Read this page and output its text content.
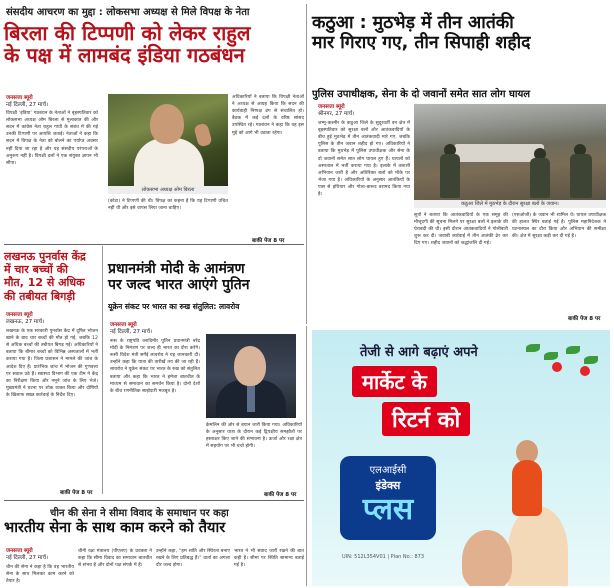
संसदीय आचरण का मुद्दा : लोकसभा अध्यक्ष से मिले विपक्ष के नेता
बिरला की टिप्पणी को लेकर राहुल
के पक्ष में लामबंद इंडिया गठबंधन
जनसत्ता ब्यूरो
नई दिल्ली, 27 मार्च।
विपक्षी ‘इंडिया’ गठबंधन के नेताओं ने बृहस्पतिवार को लोकसभा अध्यक्ष ओम बिरला से मुलाकात की और सदन में कांग्रेस नेता राहुल गांधी के संबंध में की गई उनकी टिप्पणी पर आपत्ति जताई। नेताओं ने कहा कि सदन में विपक्ष के नेता को बोलने का पर्याप्त अवसर नहीं दिया जा रहा है और यह संसदीय परंपराओं के अनुरूप नहीं है। विपक्षी दलों ने एक संयुक्त ज्ञापन भी सौंपा।
लोकसभा अध्यक्ष ओम बिरला
अधिकारियों ने बताया कि विपक्षी नेताओं ने अध्यक्ष से आग्रह किया कि सदन की कार्यवाही निष्पक्ष ढंग से संचालित हो। बैठक में कई दलों के वरिष्ठ सांसद उपस्थित रहे। गठबंधन ने कहा कि वह इस मुद्दे को आगे भी उठाता रहेगा।
(कोटा) ने टिप्पणी की थी। विपक्ष का कहना है कि यह टिप्पणी उचित नहीं थी और इसे वापस लिया जाना चाहिए।
बाकी पेज 8 पर
कठुआ : मुठभेड़ में तीन आतंकी
मार गिराए गए, तीन सिपाही शहीद
पुलिस उपाधीक्षक, सेना के दो जवानों समेत सात लोग घायल
जनसत्ता ब्यूरो
श्रीनगर, 27 मार्च।
जम्मू-कश्मीर के कठुआ जिले के सुदूरवर्ती वन क्षेत्र में बृहस्पतिवार को सुरक्षा बलों और आतंकवादियों के बीच हुई मुठभेड़ में तीन आतंकवादी मारे गए, जबकि पुलिस के तीन जवान शहीद हो गए। अधिकारियों ने बताया कि मुठभेड़ में पुलिस उपाधीक्षक और सेना के दो जवानों समेत सात लोग घायल हुए हैं। घायलों को अस्पताल में भर्ती कराया गया है। इलाके में तलाशी अभियान जारी है और अतिरिक्त बलों को मौके पर भेजा गया है। अधिकारियों के अनुसार आतंकियों के पास से हथियार और गोला-बारूद बरामद किया गया है।
कठुआ जिले में मुठभेड़ के दौरान सुरक्षा बलों के जवान।
सूत्रों ने बताया कि आतंकवादियों के एक समूह की मौजूदगी की सूचना मिलने पर सुरक्षा बलों ने इलाके की घेराबंदी की थी। इसी दौरान आतंकवादियों ने गोलीबारी शुरू कर दी। जवाबी कार्रवाई में तीन आतंकी ढेर कर दिए गए। शहीद जवानों को श्रद्धांजलि दी गई।
(एसओजी) के जवान भी शामिल थे। घायल उपाधीक्षक की हालत स्थिर बताई गई है। पुलिस महानिदेशक ने घटनास्थल का दौरा किया और अभियान की समीक्षा की। क्षेत्र में सुरक्षा कड़ी कर दी गई है।
बाकी पेज 8 पर
लखनऊ पुनर्वास केंद्र
में चार बच्चों की
मौत, 12 से अधिक
की तबीयत बिगड़ी
जनसत्ता ब्यूरो
लखनऊ, 27 मार्च।
लखनऊ के एक सरकारी पुनर्वास केंद्र में दूषित भोजन खाने के बाद चार बच्चों की मौत हो गई, जबकि 12 से अधिक बच्चों की तबीयत बिगड़ गई। अधिकारियों ने बताया कि बीमार बच्चों को विभिन्न अस्पतालों में भर्ती कराया गया है। जिला प्रशासन ने मामले की जांच के आदेश दिए हैं। प्रारंभिक जांच में भोजन की गुणवत्ता पर सवाल उठे हैं। स्वास्थ्य विभाग की एक टीम ने केंद्र का निरीक्षण किया और नमूने जांच के लिए भेजे। मुख्यमंत्री ने घटना पर शोक व्यक्त किया और दोषियों के खिलाफ सख्त कार्रवाई के निर्देश दिए।
बाकी पेज 8 पर
प्रधानमंत्री मोदी के आमंत्रण
पर जल्द भारत आएंगे पुतिन
यूक्रेन संकट पर भारत का रुख संतुलित: लावरोव
जनसत्ता ब्यूरो
नई दिल्ली, 27 मार्च।
रूस के राष्ट्रपति व्लादिमीर पुतिन प्रधानमंत्री नरेंद्र मोदी के निमंत्रण पर जल्द ही भारत का दौरा करेंगे। रूसी विदेश मंत्री सर्गेई लावरोव ने यह जानकारी दी। उन्होंने कहा कि यात्रा की तारीखें तय की जा रही हैं। लावरोव ने यूक्रेन संकट पर भारत के रुख को संतुलित बताया और कहा कि भारत ने हमेशा बातचीत के माध्यम से समाधान का समर्थन किया है। दोनों देशों के बीच रणनीतिक साझेदारी मजबूत है।
क्रेमलिन की ओर से बयान जारी किया गया। अधिकारियों के अनुसार यात्रा के दौरान कई द्विपक्षीय समझौतों पर हस्ताक्षर किए जाने की संभावना है। ऊर्जा और रक्षा क्षेत्र में सहयोग पर भी चर्चा होगी।
बाकी पेज 8 पर
चीन की सेना ने सीमा विवाद के समाधान पर कहा
भारतीय सेना के साथ काम करने को तैयार
जनसत्ता ब्यूरो
नई दिल्ली, 27 मार्च।
चीन की सेना ने कहा है कि वह भारतीय सेना के साथ मिलकर काम करने को तैयार है।
चीनी रक्षा मंत्रालय (पीएलए) के प्रवक्ता ने कहा कि सीमा विवाद का समाधान बातचीत से संभव है और दोनों पक्ष संपर्क में हैं।
उन्होंने कहा, “हम शांति और स्थिरता बनाए रखने के लिए प्रतिबद्ध हैं।” वार्ता का अगला दौर जल्द होगा।
भारत ने भी संवाद जारी रखने की बात कही है। सीमा पर स्थिति सामान्य बताई गई है।
तेजी से आगे बढ़ाएं अपने
मार्केट के
रिटर्न को
एलआईसी
इंडेक्स
प्लस
UIN: 512L354V01 | Plan No.: 873
